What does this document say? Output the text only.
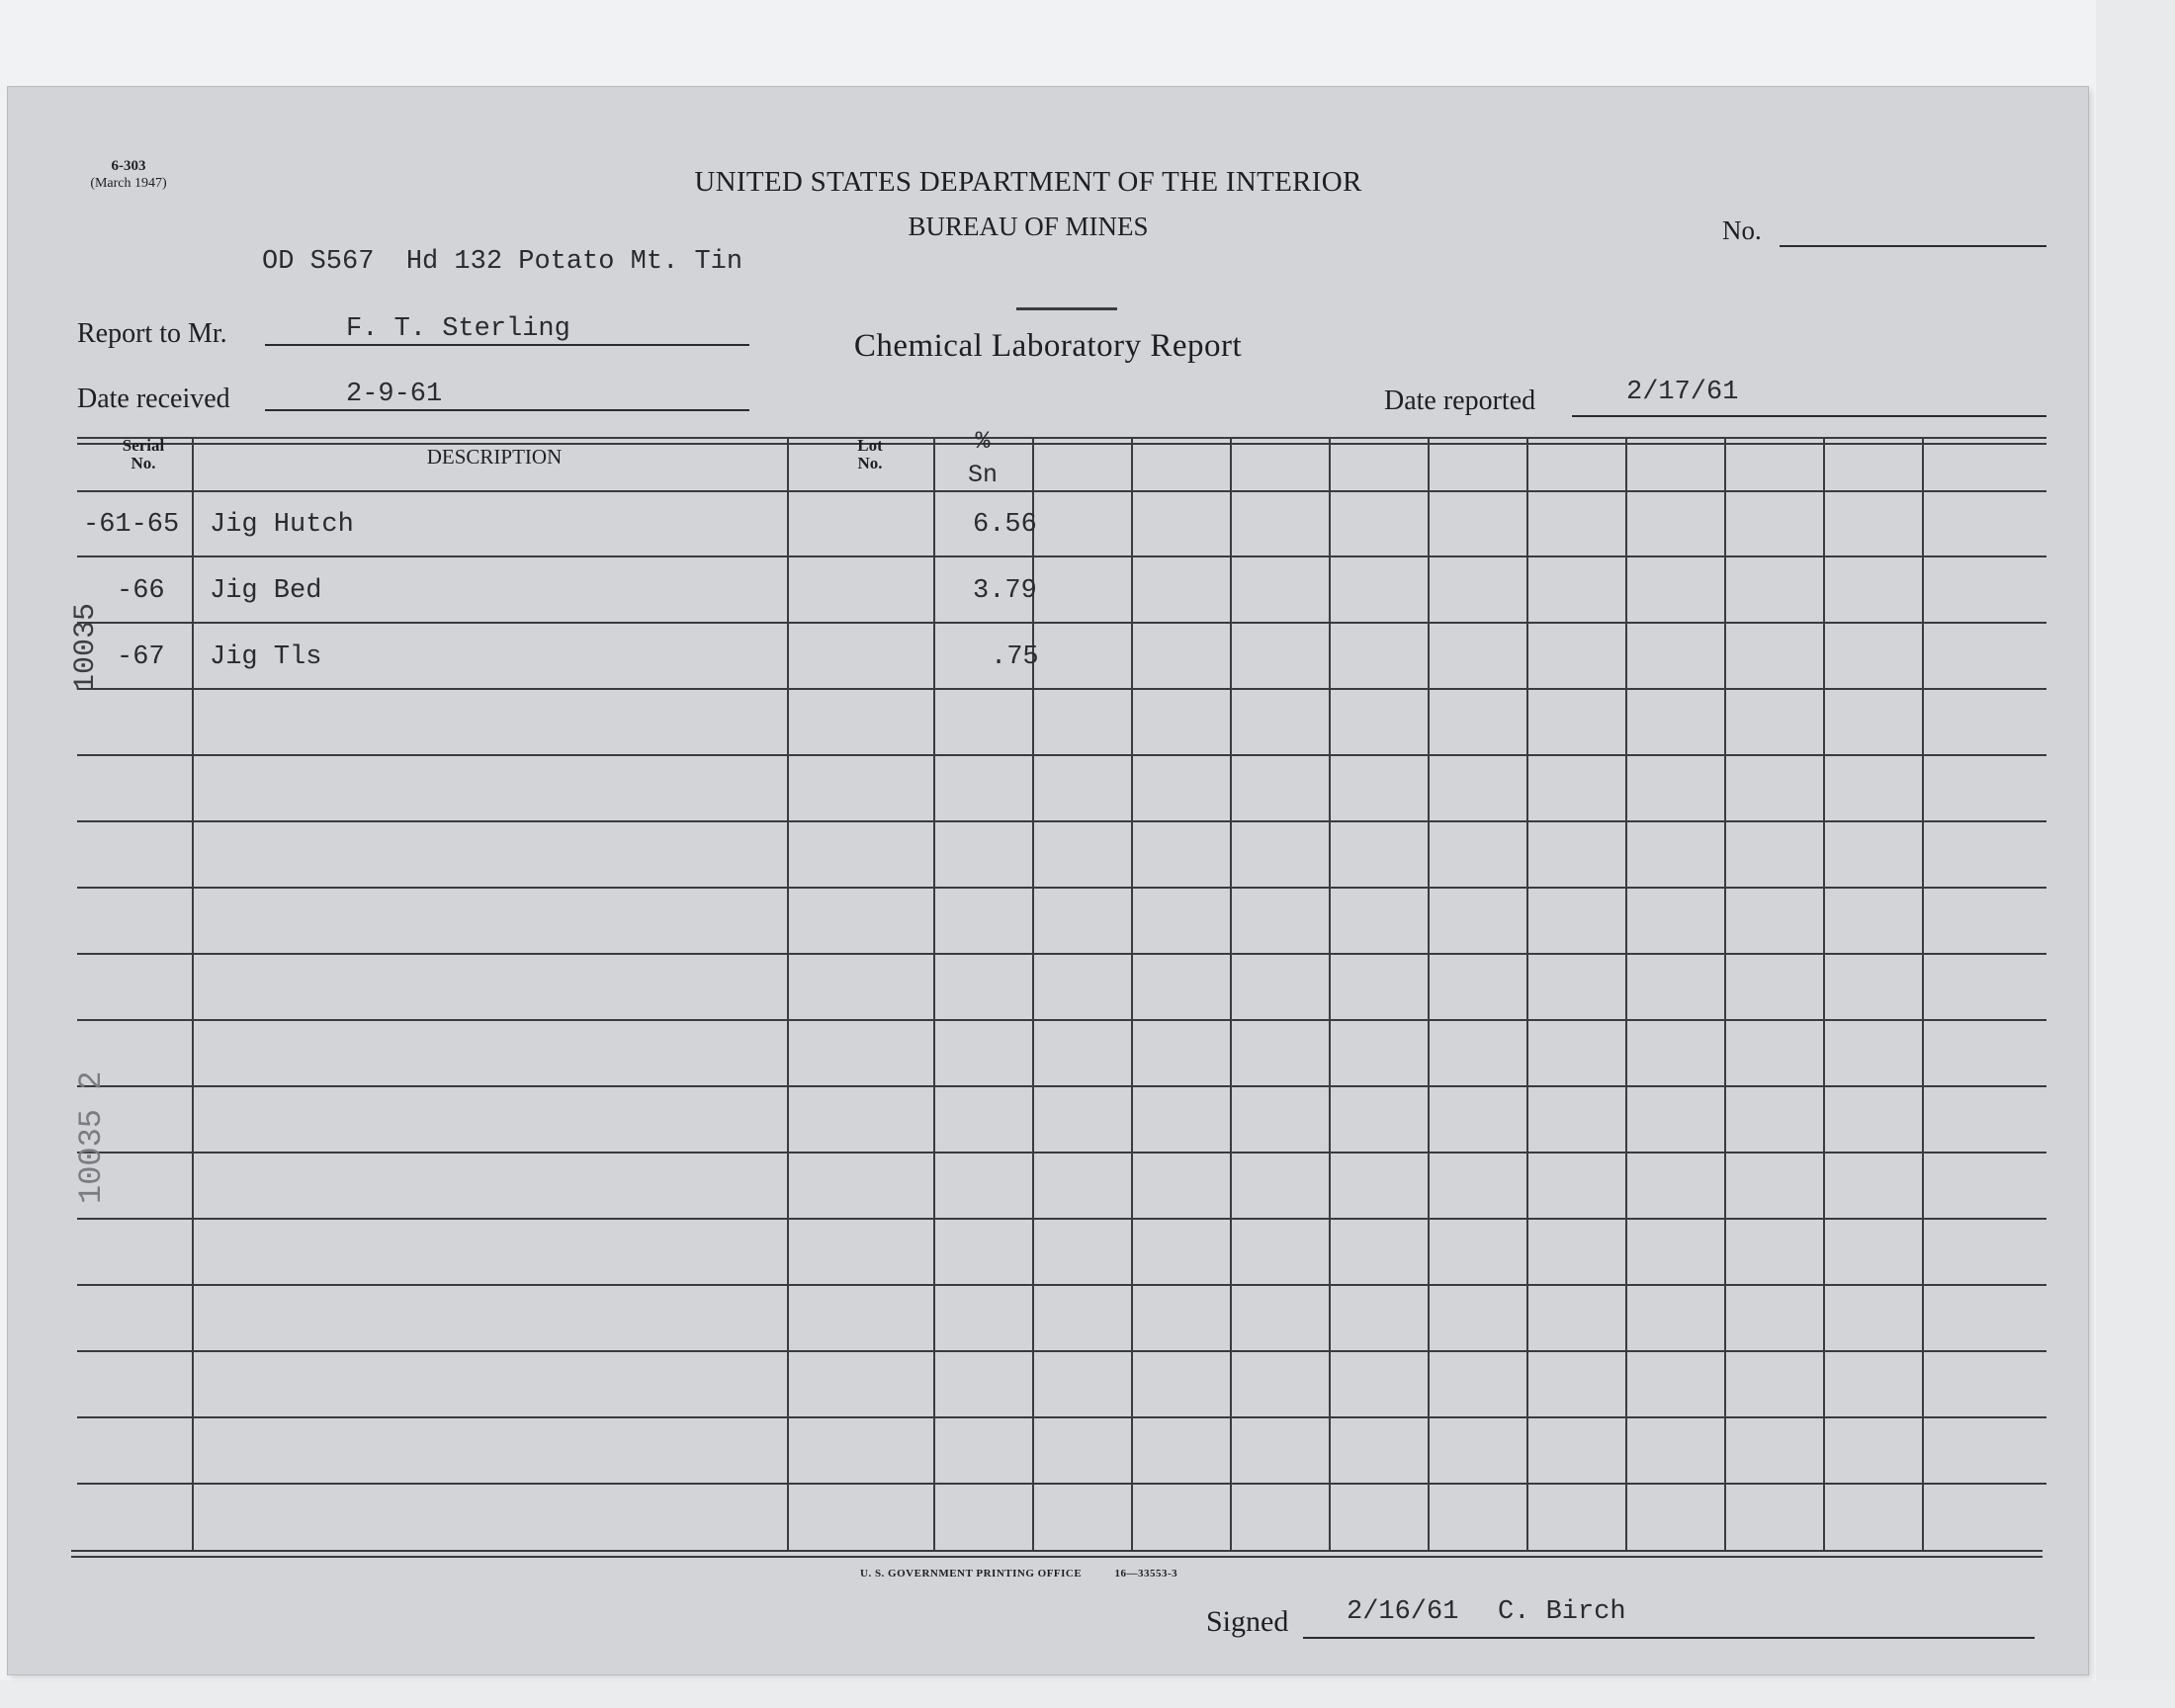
6-303
(March 1947)	UNITED STATES DEPARTMENT OF THE INTERIOR
BUREAU OF MINES
Chemical Laboratory Report
No.
OD S567  Hd 132 Potato Mt. Tin
Report to Mr.	F. T. Sterling
Date received	2-9-61	Date reported	2/17/61
Serial
No.	DESCRIPTION	Lot
No.
%
Sn
-61-65 Jig Hutch	6.56
-66 Jig Bed	3.79
-67 Jig Tls	.75
10035
10035 2
U. S. GOVERNMENT PRINTING OFFICE	16—33553-3
Signed 2/16/61 C. Birch
